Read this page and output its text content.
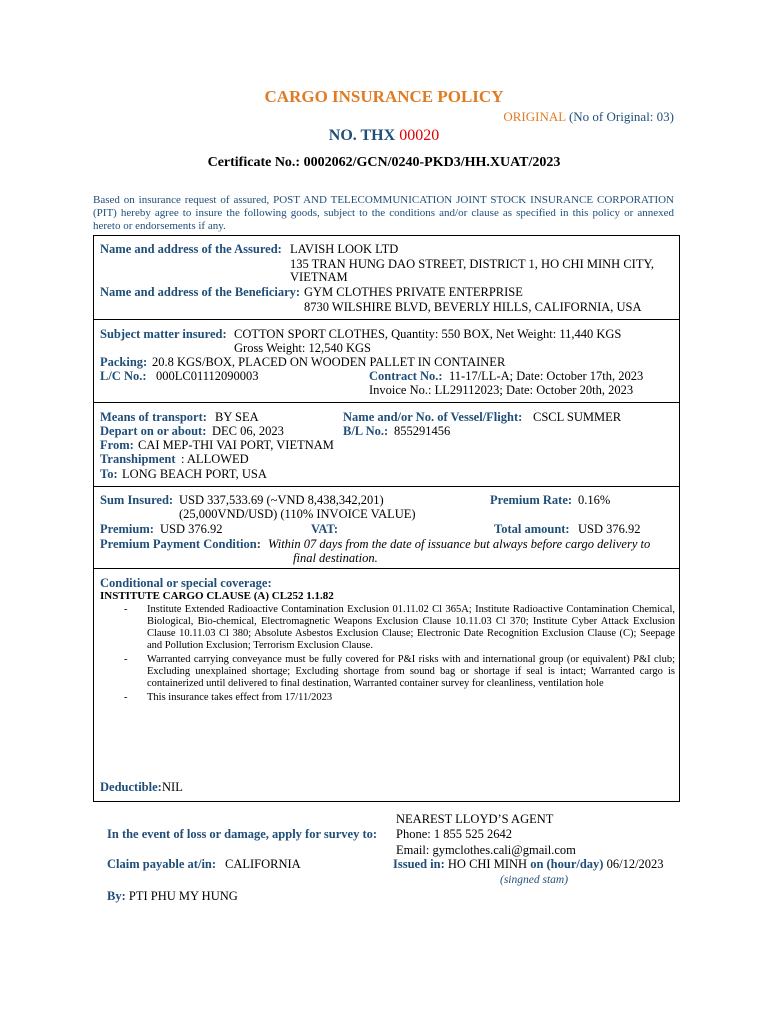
CARGO INSURANCE POLICY
ORIGINAL (No of Original: 03)
NO. THX 00020
Certificate No.: 0002062/GCN/0240-PKD3/HH.XUAT/2023
Based on insurance request of assured, POST AND TELECOMMUNICATION JOINT STOCK INSURANCE CORPORATION (PIT) hereby agree to insure the following goods, subject to the conditions and/or clause as specified in this policy or annexed hereto or endorsements if any.
Name and address of the Assured: LAVISH LOOK LTD
135 TRAN HUNG DAO STREET, DISTRICT 1, HO CHI MINH CITY,
VIETNAM
Name and address of the Beneficiary: GYM CLOTHES PRIVATE ENTERPRISE
8730 WILSHIRE BLVD, BEVERLY HILLS, CALIFORNIA, USA
Subject matter insured: COTTON SPORT CLOTHES, Quantity: 550 BOX, Net Weight: 11,440 KGS
Gross Weight: 12,540 KGS
Packing: 20.8 KGS/BOX, PLACED ON WOODEN PALLET IN CONTAINER
L/C No.: 000LC01112090003	Contract No.: 11-17/LL-A; Date: October 17th, 2023
Invoice No.: LL29112023; Date: October 20th, 2023
Means of transport: BY SEA	Name and/or No. of Vessel/Flight: CSCL SUMMER
Depart on or about: DEC 06, 2023	B/L No.: 855291456
From: CAI MEP-THI VAI PORT, VIETNAM
Transhipment : ALLOWED
To: LONG BEACH PORT, USA
Sum Insured: USD 337,533.69 (~VND 8,438,342,201)
(25,000VND/USD) (110% INVOICE VALUE)
Premium Rate: 0.16%
Premium: USD 376.92	VAT:	Total amount: USD 376.92
Premium Payment Condition: Within 07 days from the date of issuance but always before cargo delivery to
final destination.
Conditional or special coverage:
INSTITUTE CARGO CLAUSE (A) CL252 1.1.82
- Institute Extended Radioactive Contamination Exclusion 01.11.02 Cl 365A; Institute Radioactive Contamination Chemical, Biological, Bio-chemical, Electromagnetic Weapons Exclusion Clause 10.11.03 Cl 370; Institute Cyber Attack Exclusion Clause 10.11.03 Cl 380; Absolute Asbestos Exclusion Clause; Electronic Date Recognition Exclusion Clause (C); Seepage and Pollution Exclusion; Terrorism Exclusion Clause.
- Warranted carrying conveyance must be fully covered for P&I risks with and international group (or equivalent) P&I club; Excluding unexplained shortage; Excluding shortage from sound bag or shortage if seal is intact; Warranted cargo is containerized until delivered to final destination, Warranted container survey for cleanliness, ventilation hole
- This insurance takes effect from 17/11/2023
Deductible: NIL
NEAREST LLOYD’S AGENT
In the event of loss or damage, apply for survey to: Phone: 1 855 525 2642
Email: gymclothes.cali@gmail.com
Claim payable at/in: CALIFORNIA	Issued in: HO CHI MINH on (hour/day) 06/12/2023
(singned stam)
By: PTI PHU MY HUNG
